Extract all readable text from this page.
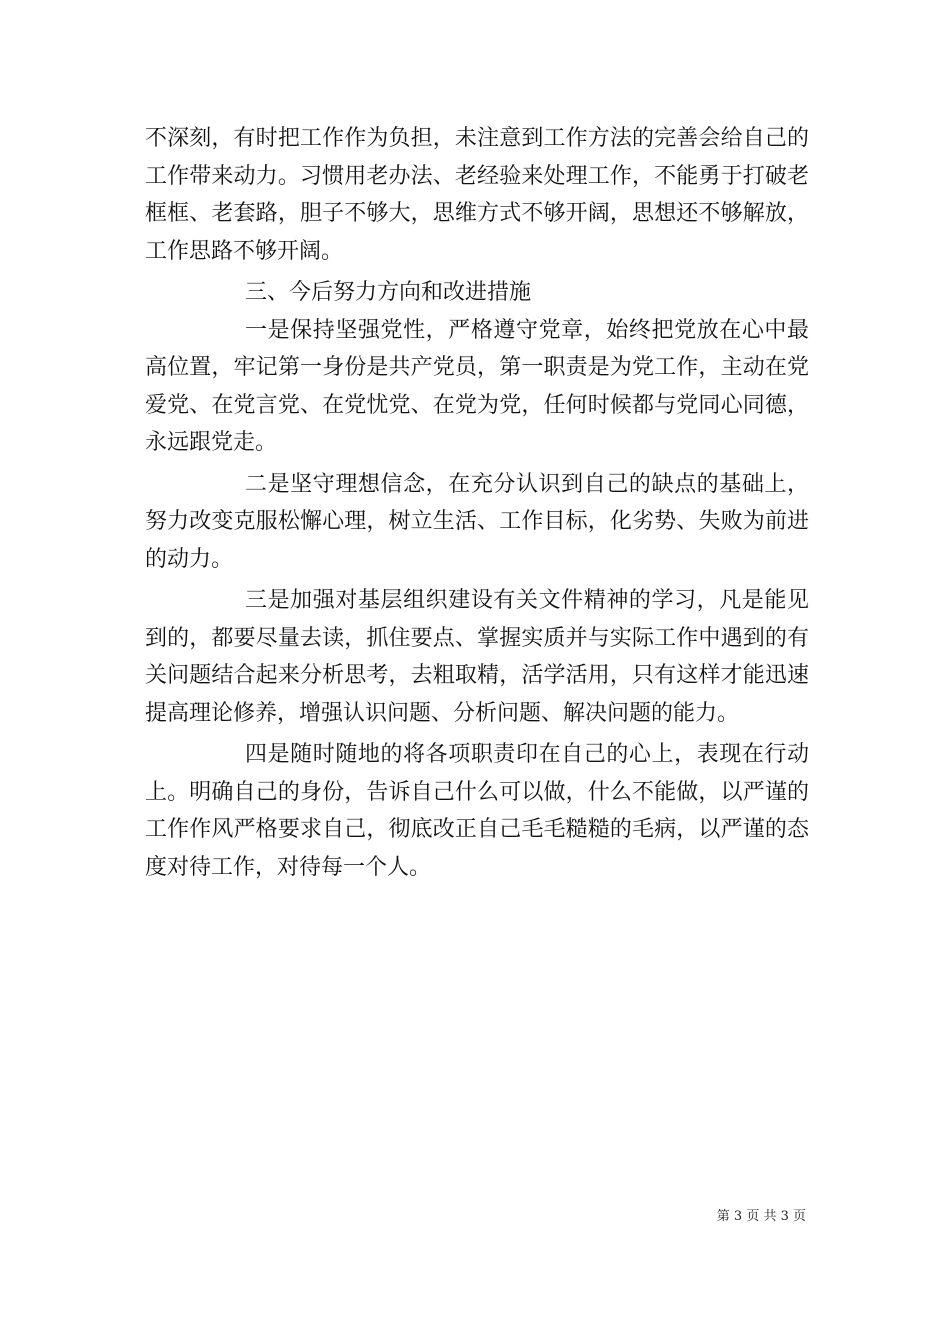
不深刻，有时把工作作为负担，未注意到工作方法的完善会给自己的工作带来动力。习惯用老办法、老经验来处理工作，不能勇于打破老框框、老套路，胆子不够大，思维方式不够开阔，思想还不够解放，工作思路不够开阔。

三、今后努力方向和改进措施

一是保持坚强党性，严格遵守党章，始终把党放在心中最高位置，牢记第一身份是共产党员，第一职责是为党工作，主动在党爱党、在党言党、在党忧党、在党为党，任何时候都与党同心同德，永远跟党走。

二是坚守理想信念，在充分认识到自己的缺点的基础上，努力改变克服松懈心理，树立生活、工作目标，化劣势、失败为前进的动力。

三是加强对基层组织建设有关文件精神的学习，凡是能见到的，都要尽量去读，抓住要点、掌握实质并与实际工作中遇到的有关问题结合起来分析思考，去粗取精，活学活用，只有这样才能迅速提高理论修养，增强认识问题、分析问题、解决问题的能力。

四是随时随地的将各项职责印在自己的心上，表现在行动上。明确自己的身份，告诉自己什么可以做，什么不能做，以严谨的工作作风严格要求自己，彻底改正自己毛毛糙糙的毛病，以严谨的态度对待工作，对待每一个人。

第 3 页 共 3 页
